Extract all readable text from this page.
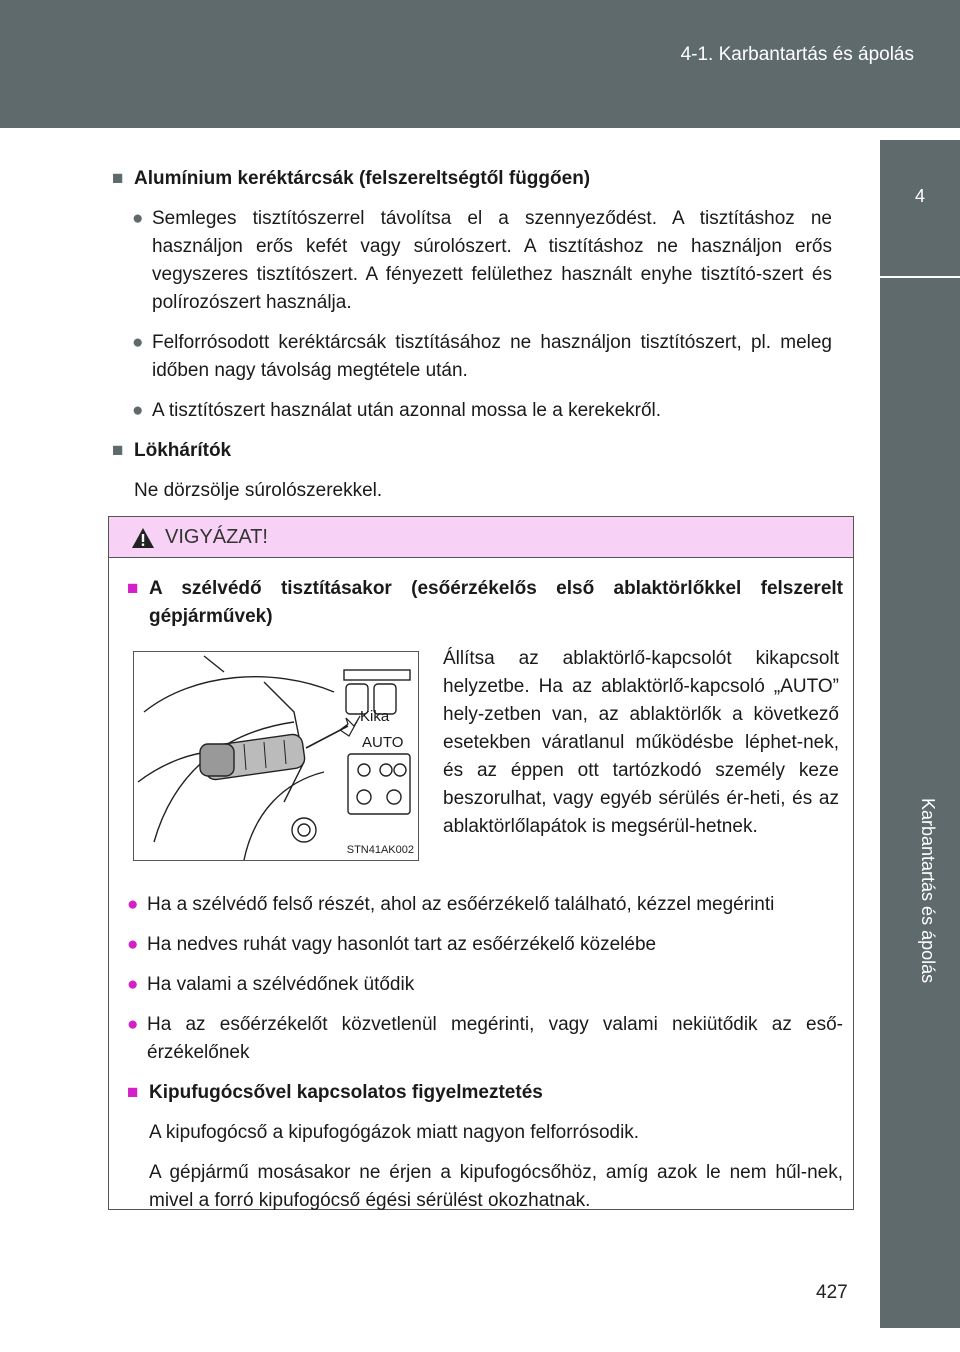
4-1. Karbantartás és ápolás
4
Karbantartás és ápolás
■ Alumínium keréktárcsák (felszereltségtől függően)
● Semleges tisztítószerrel távolítsa el a szennyeződést. A tisztításhoz ne használjon erős kefét vagy súrolószert. A tisztításhoz ne használjon erős vegyszeres tisztítószert. A fényezett felülethez használt enyhe tisztító-szert és polírozószert használja.
● Felforrósodott keréktárcsák tisztításához ne használjon tisztítószert, pl. meleg időben nagy távolság megtétele után.
● A tisztítószert használat után azonnal mossa le a kerekekről.
■ Lökhárítók
Ne dörzsölje súrolószerekkel.
VIGYÁZAT!
■ A szélvédő tisztításakor (esőérzékelős első ablaktörlőkkel felszerelt gépjárművek)
Kika
AUTO
STN41AK002
Állítsa az ablaktörlő-kapcsolót kikapcsolt helyzetbe. Ha az ablaktörlő-kapcsoló „AUTO” hely-zetben van, az ablaktörlők a következő esetekben váratlanul működésbe léphet-nek, és az éppen ott tartózkodó személy keze beszorulhat, vagy egyéb sérülés ér-heti, és az ablaktörlőlapátok is megsérül-hetnek.
● Ha a szélvédő felső részét, ahol az esőérzékelő található, kézzel megérinti
● Ha nedves ruhát vagy hasonlót tart az esőérzékelő közelébe
● Ha valami a szélvédőnek ütődik
● Ha az esőérzékelőt közvetlenül megérinti, vagy valami nekiütődik az eső-érzékelőnek
■ Kipufugócsővel kapcsolatos figyelmeztetés
A kipufogócső a kipufogógázok miatt nagyon felforrósodik.
A gépjármű mosásakor ne érjen a kipufogócsőhöz, amíg azok le nem hűl-nek, mivel a forró kipufogócső égési sérülést okozhatnak.
427
